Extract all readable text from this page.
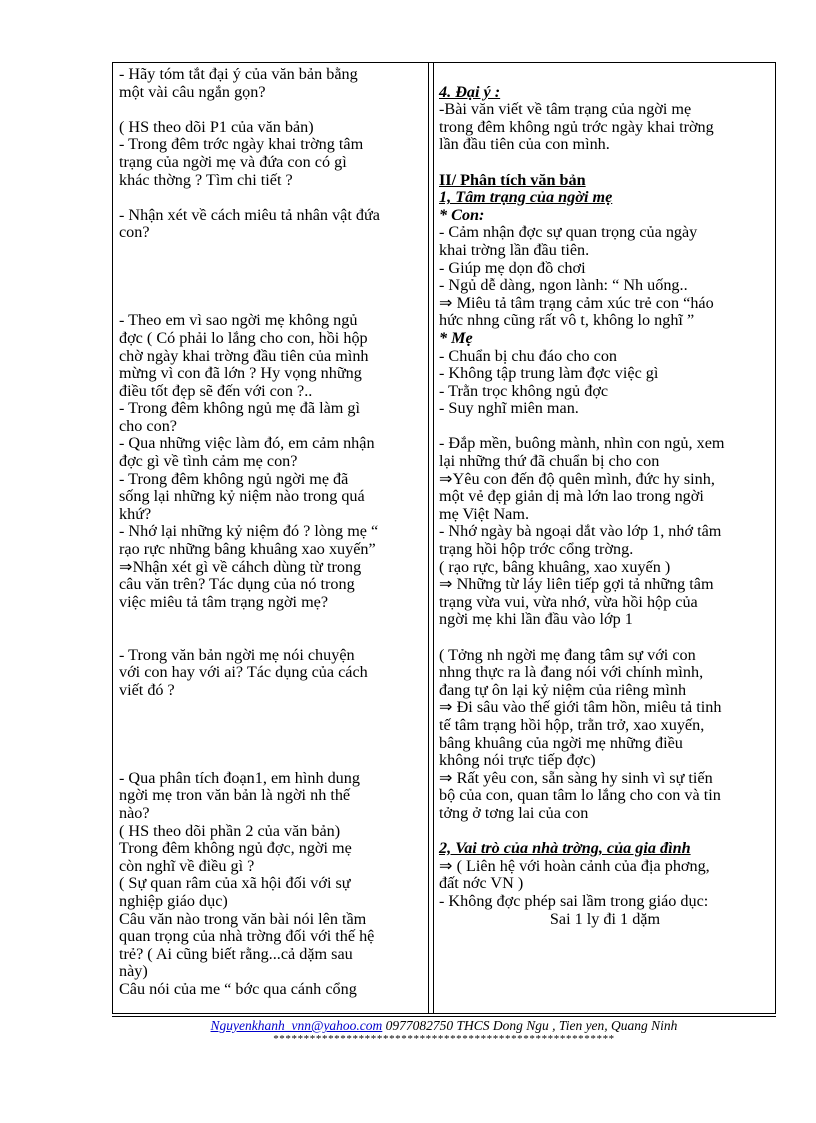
- Hãy tóm tắt đại ý của văn bản bằng

một vài câu ngắn gọn?

( HS theo dõi P1 của văn bản)

- Trong đêm trớc ngày khai trờng tâm

trạng của ngời mẹ và đứa con có gì

khác thờng ? Tìm chi tiết ?

- Nhận xét về cách miêu tả nhân vật đứa

con?

- Theo em vì sao ngời mẹ không ngủ

đợc ( Có phải lo lắng cho con, hồi hộp

chờ ngày khai trờng đầu tiên của mình

mừng vì con đã lớn ? Hy vọng những

điều tốt đẹp sẽ đến với con ?..

- Trong đêm không ngủ mẹ đã làm gì

cho con?

- Qua những việc làm đó, em cảm nhận

đợc gì về tình cảm mẹ con?

- Trong đêm không ngủ ngời mẹ đã

sống lại những kỷ niệm nào trong quá

khứ?

- Nhớ lại những kỷ niệm đó ? lòng mẹ “

rạo rực những bâng khuâng xao xuyến”

⇒Nhận xét gì về cáhch dùng từ trong

câu văn trên? Tác dụng của nó trong

việc miêu tả tâm trạng ngời mẹ?

- Trong văn bản ngời mẹ nói chuyện

với con hay với ai? Tác dụng của cách

viết đó ?

- Qua phân tích đoạn1, em hình dung

ngời mẹ tron văn bản là ngời nh thế

nào?

( HS theo dõi phần 2 của văn bản)

Trong đêm không ngủ đợc, ngời mẹ

còn nghĩ về điều gì ?

( Sự quan râm của xã hội đối với sự

nghiệp giáo dục)

Câu văn nào trong văn bài nói lên tầm

quan trọng của nhà trờng đối với thế hệ

trẻ? ( Ai cũng biết rằng...cả dặm sau

này)

Câu nói của me “ bớc qua cánh cổng

4. Đại ý :

-Bài văn viết về tâm trạng của ngời mẹ

trong đêm không ngủ trớc ngày khai trờng

lần đầu tiên của con mình.

II/ Phân tích văn bản

1, Tâm trạng của ngời mẹ

* Con:

- Cảm nhận đợc sự quan trọng của ngày

khai trờng lần đầu tiên.

- Giúp mẹ dọn đồ chơi

- Ngủ dễ dàng, ngon lành: “ Nh uống..

⇒ Miêu tả tâm trạng cảm xúc trẻ con “háo

hức nhng cũng rất vô t, không lo nghĩ ”

* Mẹ

- Chuẩn bị chu đáo cho con

- Không tập trung làm đợc việc gì

- Trằn trọc không ngủ đợc

- Suy nghĩ miên man.

- Đắp mền, buông mành, nhìn con ngủ, xem

lại những thứ đã chuẩn bị cho con

⇒Yêu con đến độ quên mình, đức hy sinh,

một vẻ đẹp giản dị mà lớn lao trong ngời

mẹ Việt Nam.

- Nhớ ngày bà ngoại dắt vào lớp 1, nhớ tâm

trạng hồi hộp trớc cổng trờng.

( rạo rực, bâng khuâng, xao xuyến )

⇒ Những từ láy liên tiếp gợi tả những tâm

trạng vừa vui, vừa nhớ, vừa hồi hộp của

ngời mẹ khi lần đầu vào lớp 1

( Tởng nh ngời mẹ đang tâm sự với con

nhng thực ra là đang nói với chính mình,

đang tự ôn lại kỷ niệm của riêng mình

⇒ Đi sâu vào thế giới tâm hồn, miêu tả tinh

tế tâm trạng hồi hộp, trằn trở, xao xuyến,

bâng khuâng của ngời mẹ những điều

không nói trực tiếp đợc)

⇒ Rất yêu con, sẵn sàng hy sinh vì sự tiến

bộ của con, quan tâm lo lắng cho con và tin

tởng ở tơng lai của con

2, Vai trò của nhà trờng, của gia đình

⇒ ( Liên hệ với hoàn cảnh của địa phơng,

đất nớc VN )

- Không đợc phép sai lầm trong giáo dục:

Sai 1 ly đi 1 dặm

Nguyenkhanh_vnn@yahoo.com 0977082750 THCS Dong Ngu , Tien yen, Quang Ninh
********************************************************
